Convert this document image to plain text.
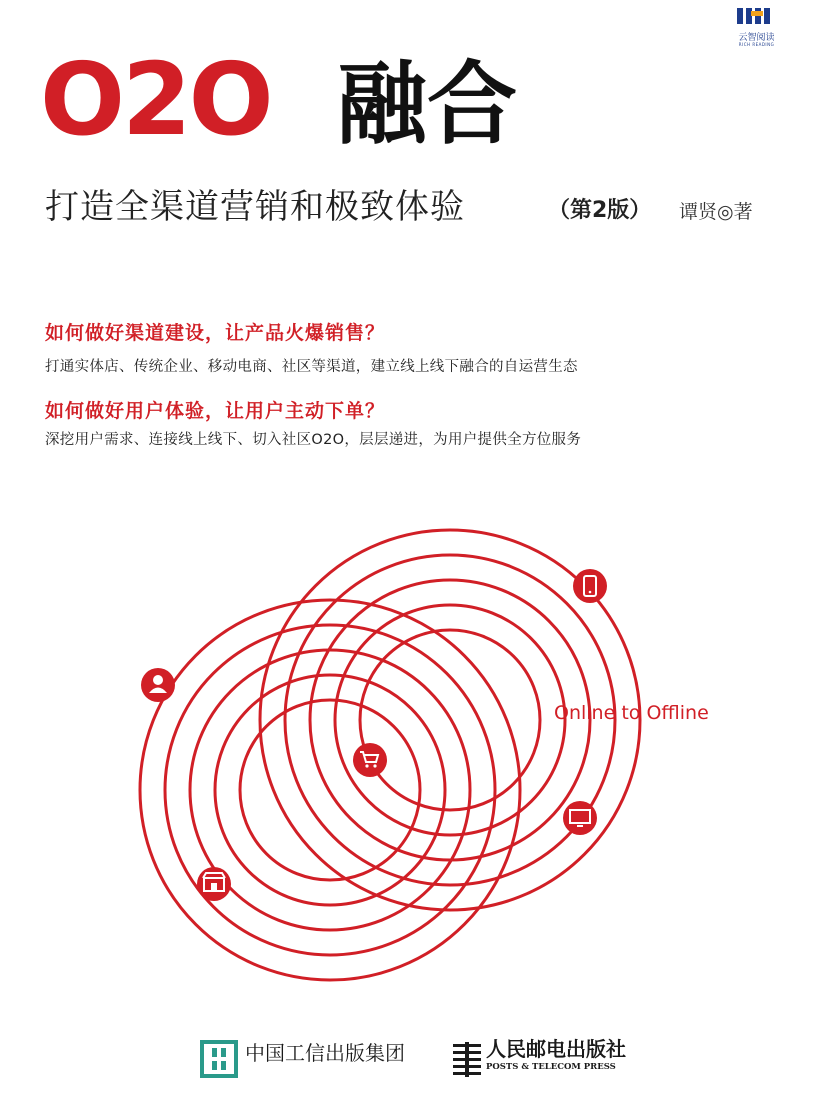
云智阅读
RICH READING
O2O 融合
打造全渠道营销和极致体验	（第2版） 谭贤◎著
如何做好渠道建设，让产品火爆销售？
打通实体店、传统企业、移动电商、社区等渠道，建立线上线下融合的自运营生态
如何做好用户体验，让用户主动下单？
深挖用户需求、连接线上线下、切入社区O2O，层层递进，为用户提供全方位服务
Online to Offline
中国工信出版集团	人民邮电出版社
POSTS & TELECOM PRESS
